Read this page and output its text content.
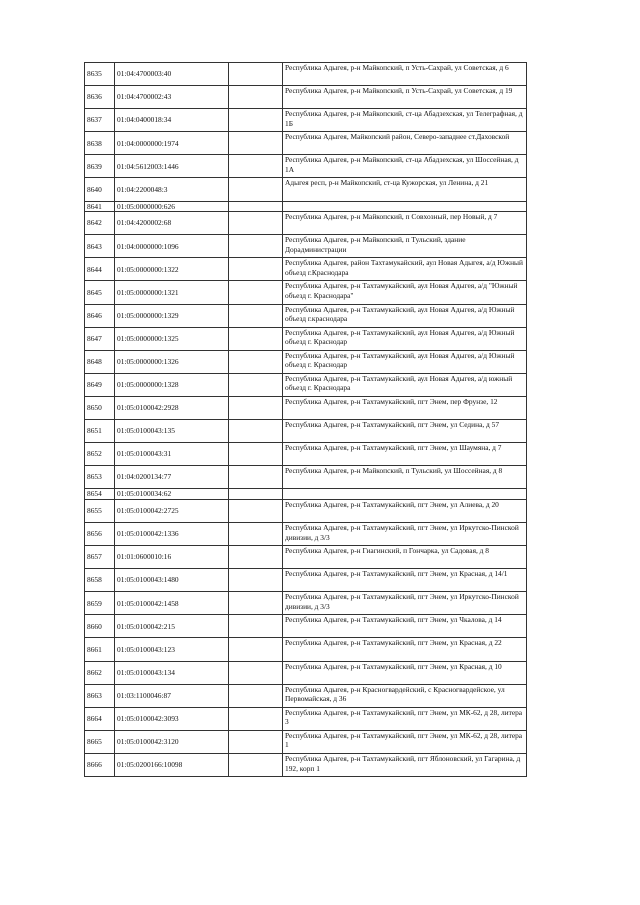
8635	01:04:4700003:40		Республика Адыгея, р-н Майкопский, п Усть-Сахрай, ул Советская, д 6
8636	01:04:4700002:43		Республика Адыгея, р-н Майкопский, п Усть-Сахрай, ул Советская, д 19
8637	01:04:0400018:34		Республика Адыгея, р-н Майкопский, ст-ца Абадзехская, ул Телеграфная, д 1Б
8638	01:04:0000000:1974		Республика Адыгея, Майкопский район, Северо-западнее ст.Даховской
8639	01:04:5612003:1446		Республика Адыгея, р-н Майкопский, ст-ца Абадзехская, ул Шоссейная, д 1А
8640	01:04:2200048:3		Адыгея респ, р-н Майкопский, ст-ца Кужорская, ул Ленина, д 21
8641	01:05:0000000:626		
8642	01:04:4200002:68		Республика Адыгея, р-н Майкопский, п Совхозный, пер Новый, д 7
8643	01:04:0000000:1096		Республика Адыгея, р-н Майкопский, п Тульский, здание Дорадминистрации
8644	01:05:0000000:1322		Республика Адыгея, район Тахтамукайский, аул Новая Адыгея, а/д Южный объезд г.Краснодара
8645	01:05:0000000:1321		Республика Адыгея, р-н Тахтамукайский, аул Новая Адыгея, а/д "Южный объезд г. Краснодара"
8646	01:05:0000000:1329		Республика Адыгея, р-н Тахтамукайский, аул Новая Адыгея, а/д Южный объезд г.краснодара
8647	01:05:0000000:1325		Республика Адыгея, р-н Тахтамукайский, аул Новая Адыгея, а/д Южный объезд г. Краснодар
8648	01:05:0000000:1326		Республика Адыгея, р-н Тахтамукайский, аул Новая Адыгея, а/д Южный объезд г. Краснодар
8649	01:05:0000000:1328		Республика Адыгея, р-н Тахтамукайский, аул Новая Адыгея, а/д южный объезд г. Краснодара
8650	01:05:0100042:2928		Республика Адыгея, р-н Тахтамукайский, пгт Энем, пер Фрунзе, 12
8651	01:05:0100043:135		Республика Адыгея, р-н Тахтамукайский, пгт Энем, ул Седина, д 57
8652	01:05:0100043:31		Республика Адыгея, р-н Тахтамукайский, пгт Энем, ул Шаумяна, д 7
8653	01:04:0200134:77		Республика Адыгея, р-н Майкопский, п Тульский, ул Шоссейная, д 8
8654	01:05:0100034:62		
8655	01:05:0100042:2725		Республика Адыгея, р-н Тахтамукайский, пгт Энем, ул Алиева, д 20
8656	01:05:0100042:1336		Республика Адыгея, р-н Тахтамукайский, пгт Энем, ул Иркутско-Пинской дивизии, д 3/3
8657	01:01:0600010:16		Республика Адыгея, р-н Гиагинский, п Гончарка, ул Садовая, д 8
8658	01:05:0100043:1480		Республика Адыгея, р-н Тахтамукайский, пгт Энем, ул Красная, д 14/1
8659	01:05:0100042:1458		Республика Адыгея, р-н Тахтамукайский, пгт Энем, ул Иркутско-Пинской дивизии, д 3/3
8660	01:05:0100042:215		Республика Адыгея, р-н Тахтамукайский, пгт Энем, ул Чкалова, д 14
8661	01:05:0100043:123		Республика Адыгея, р-н Тахтамукайский, пгт Энем, ул Красная, д 22
8662	01:05:0100043:134		Республика Адыгея, р-н Тахтамукайский, пгт Энем, ул Красная, д 10
8663	01:03:1100046:87		Республика Адыгея, р-н Красногвардейский, с Красногвардейское, ул Первомайская, д 36
8664	01:05:0100042:3093		Республика Адыгея, р-н Тахтамукайский, пгт Энем, ул МК-62, д 28, литера 3
8665	01:05:0100042:3120		Республика Адыгея, р-н Тахтамукайский, пгт Энем, ул МК-62, д 28, литера 1
8666	01:05:0200166:10098		Республика Адыгея, р-н Тахтамукайский, пгт Яблоновский, ул Гагарина, д 192, корп 1
